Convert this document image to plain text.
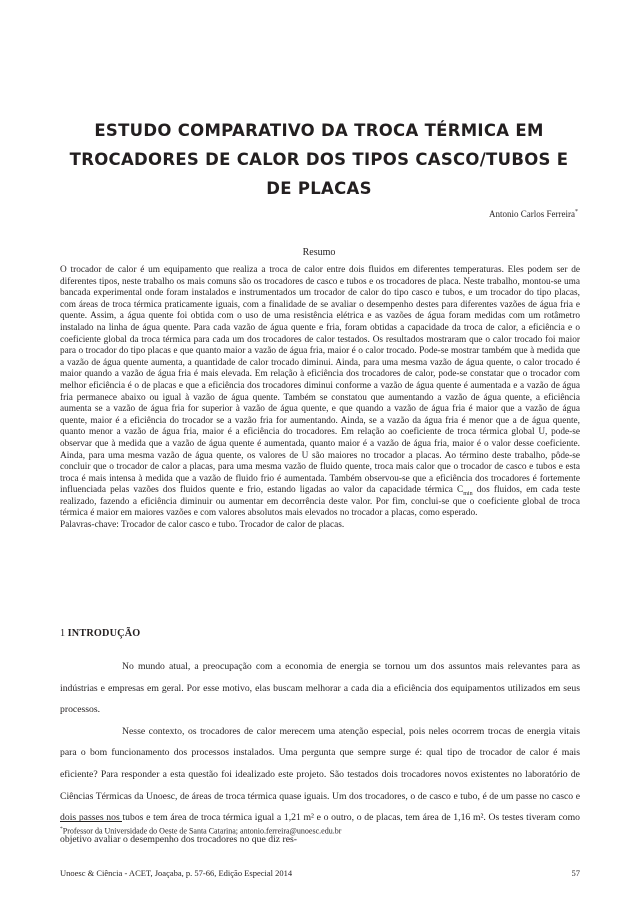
ESTUDO COMPARATIVO DA TROCA TÉRMICA EM TROCADORES DE CALOR DOS TIPOS CASCO/TUBOS E DE PLACAS
Antonio Carlos Ferreira*
Resumo

O trocador de calor é um equipamento que realiza a troca de calor entre dois fluidos em diferentes temperaturas. Eles podem ser de diferentes tipos, neste trabalho os mais comuns são os trocadores de casco e tubos e os trocadores de placa. Neste trabalho, montou-se uma bancada experimental onde foram instalados e instrumentados um trocador de calor do tipo casco e tubos, e um trocador do tipo placas, com áreas de troca térmica praticamente iguais, com a finalidade de se avaliar o desempenho destes para diferentes vazões de água fria e quente. Assim, a água quente foi obtida com o uso de uma resistência elétrica e as vazões de água foram medidas com um rotâmetro instalado na linha de água quente. Para cada vazão de água quente e fria, foram obtidas a capacidade da troca de calor, a eficiência e o coeficiente global da troca térmica para cada um dos trocadores de calor testados. Os resultados mostraram que o calor trocado foi maior para o trocador do tipo placas e que quanto maior a vazão de água fria, maior é o calor trocado. Pode-se mostrar também que à medida que a vazão de água quente aumenta, a quantidade de calor trocado diminui. Ainda, para uma mesma vazão de água quente, o calor trocado é maior quando a vazão de água fria é mais elevada. Em relação à eficiência dos trocadores de calor, pode-se constatar que o trocador com melhor eficiência é o de placas e que a eficiência dos trocadores diminui conforme a vazão de água quente é aumentada e a vazão de água fria permanece abaixo ou igual à vazão de água quente. Também se constatou que aumentando a vazão de água quente, a eficiência aumenta se a vazão de água fria for superior à vazão de água quente, e que quando a vazão de água fria é maior que a vazão de água quente, maior é a eficiência do trocador se a vazão fria for aumentando. Ainda, se a vazão da água fria é menor que a de água quente, quanto menor a vazão de água fria, maior é a eficiência do trocadores. Em relação ao coeficiente de troca térmica global U, pode-se observar que à medida que a vazão de água quente é aumentada, quanto maior é a vazão de água fria, maior é o valor desse coeficiente. Ainda, para uma mesma vazão de água quente, os valores de U são maiores no trocador a placas. Ao término deste trabalho, pôde-se concluir que o trocador de calor a placas, para uma mesma vazão de fluido quente, troca mais calor que o trocador de casco e tubos e esta troca é mais intensa à medida que a vazão de fluido frio é aumentada. Também observou-se que a eficiência dos trocadores é fortemente influenciada pelas vazões dos fluidos quente e frio, estando ligadas ao valor da capacidade térmica $C_{min}$ dos fluidos, em cada teste realizado, fazendo a eficiência diminuir ou aumentar em decorrência deste valor. Por fim, conclui-se que o coeficiente global de troca térmica é maior em maiores vazões e com valores absolutos mais elevados no trocador a placas, como esperado.

Palavras-chave: Trocador de calor casco e tubo. Trocador de calor de placas.

1 INTRODUÇÃO

No mundo atual, a preocupação com a economia de energia se tornou um dos assuntos mais relevantes para as indústrias e empresas em geral. Por esse motivo, elas buscam melhorar a cada dia a eficiência dos equipamentos utilizados em seus processos.

Nesse contexto, os trocadores de calor merecem uma atenção especial, pois neles ocorrem trocas de energia vitais para o bom funcionamento dos processos instalados. Uma pergunta que sempre surge é: qual tipo de trocador de calor é mais eficiente? Para responder a esta questão foi idealizado este projeto. São testados dois trocadores novos existentes no laboratório de Ciências Térmicas da Unoesc, de áreas de troca térmica quase iguais. Um dos trocadores, o de casco e tubo, é de um passe no casco e dois passes nos tubos e tem área de troca térmica igual a 1,21 m² e o outro, o de placas, tem área de 1,16 m². Os testes tiveram como objetivo avaliar o desempenho dos trocadores no que diz res-

*Professor da Universidade do Oeste de Santa Catarina; antonio.ferreira@unoesc.edu.br
Unoesc & Ciência - ACET, Joaçaba, p. 57-66, Edição Especial 2014	57
